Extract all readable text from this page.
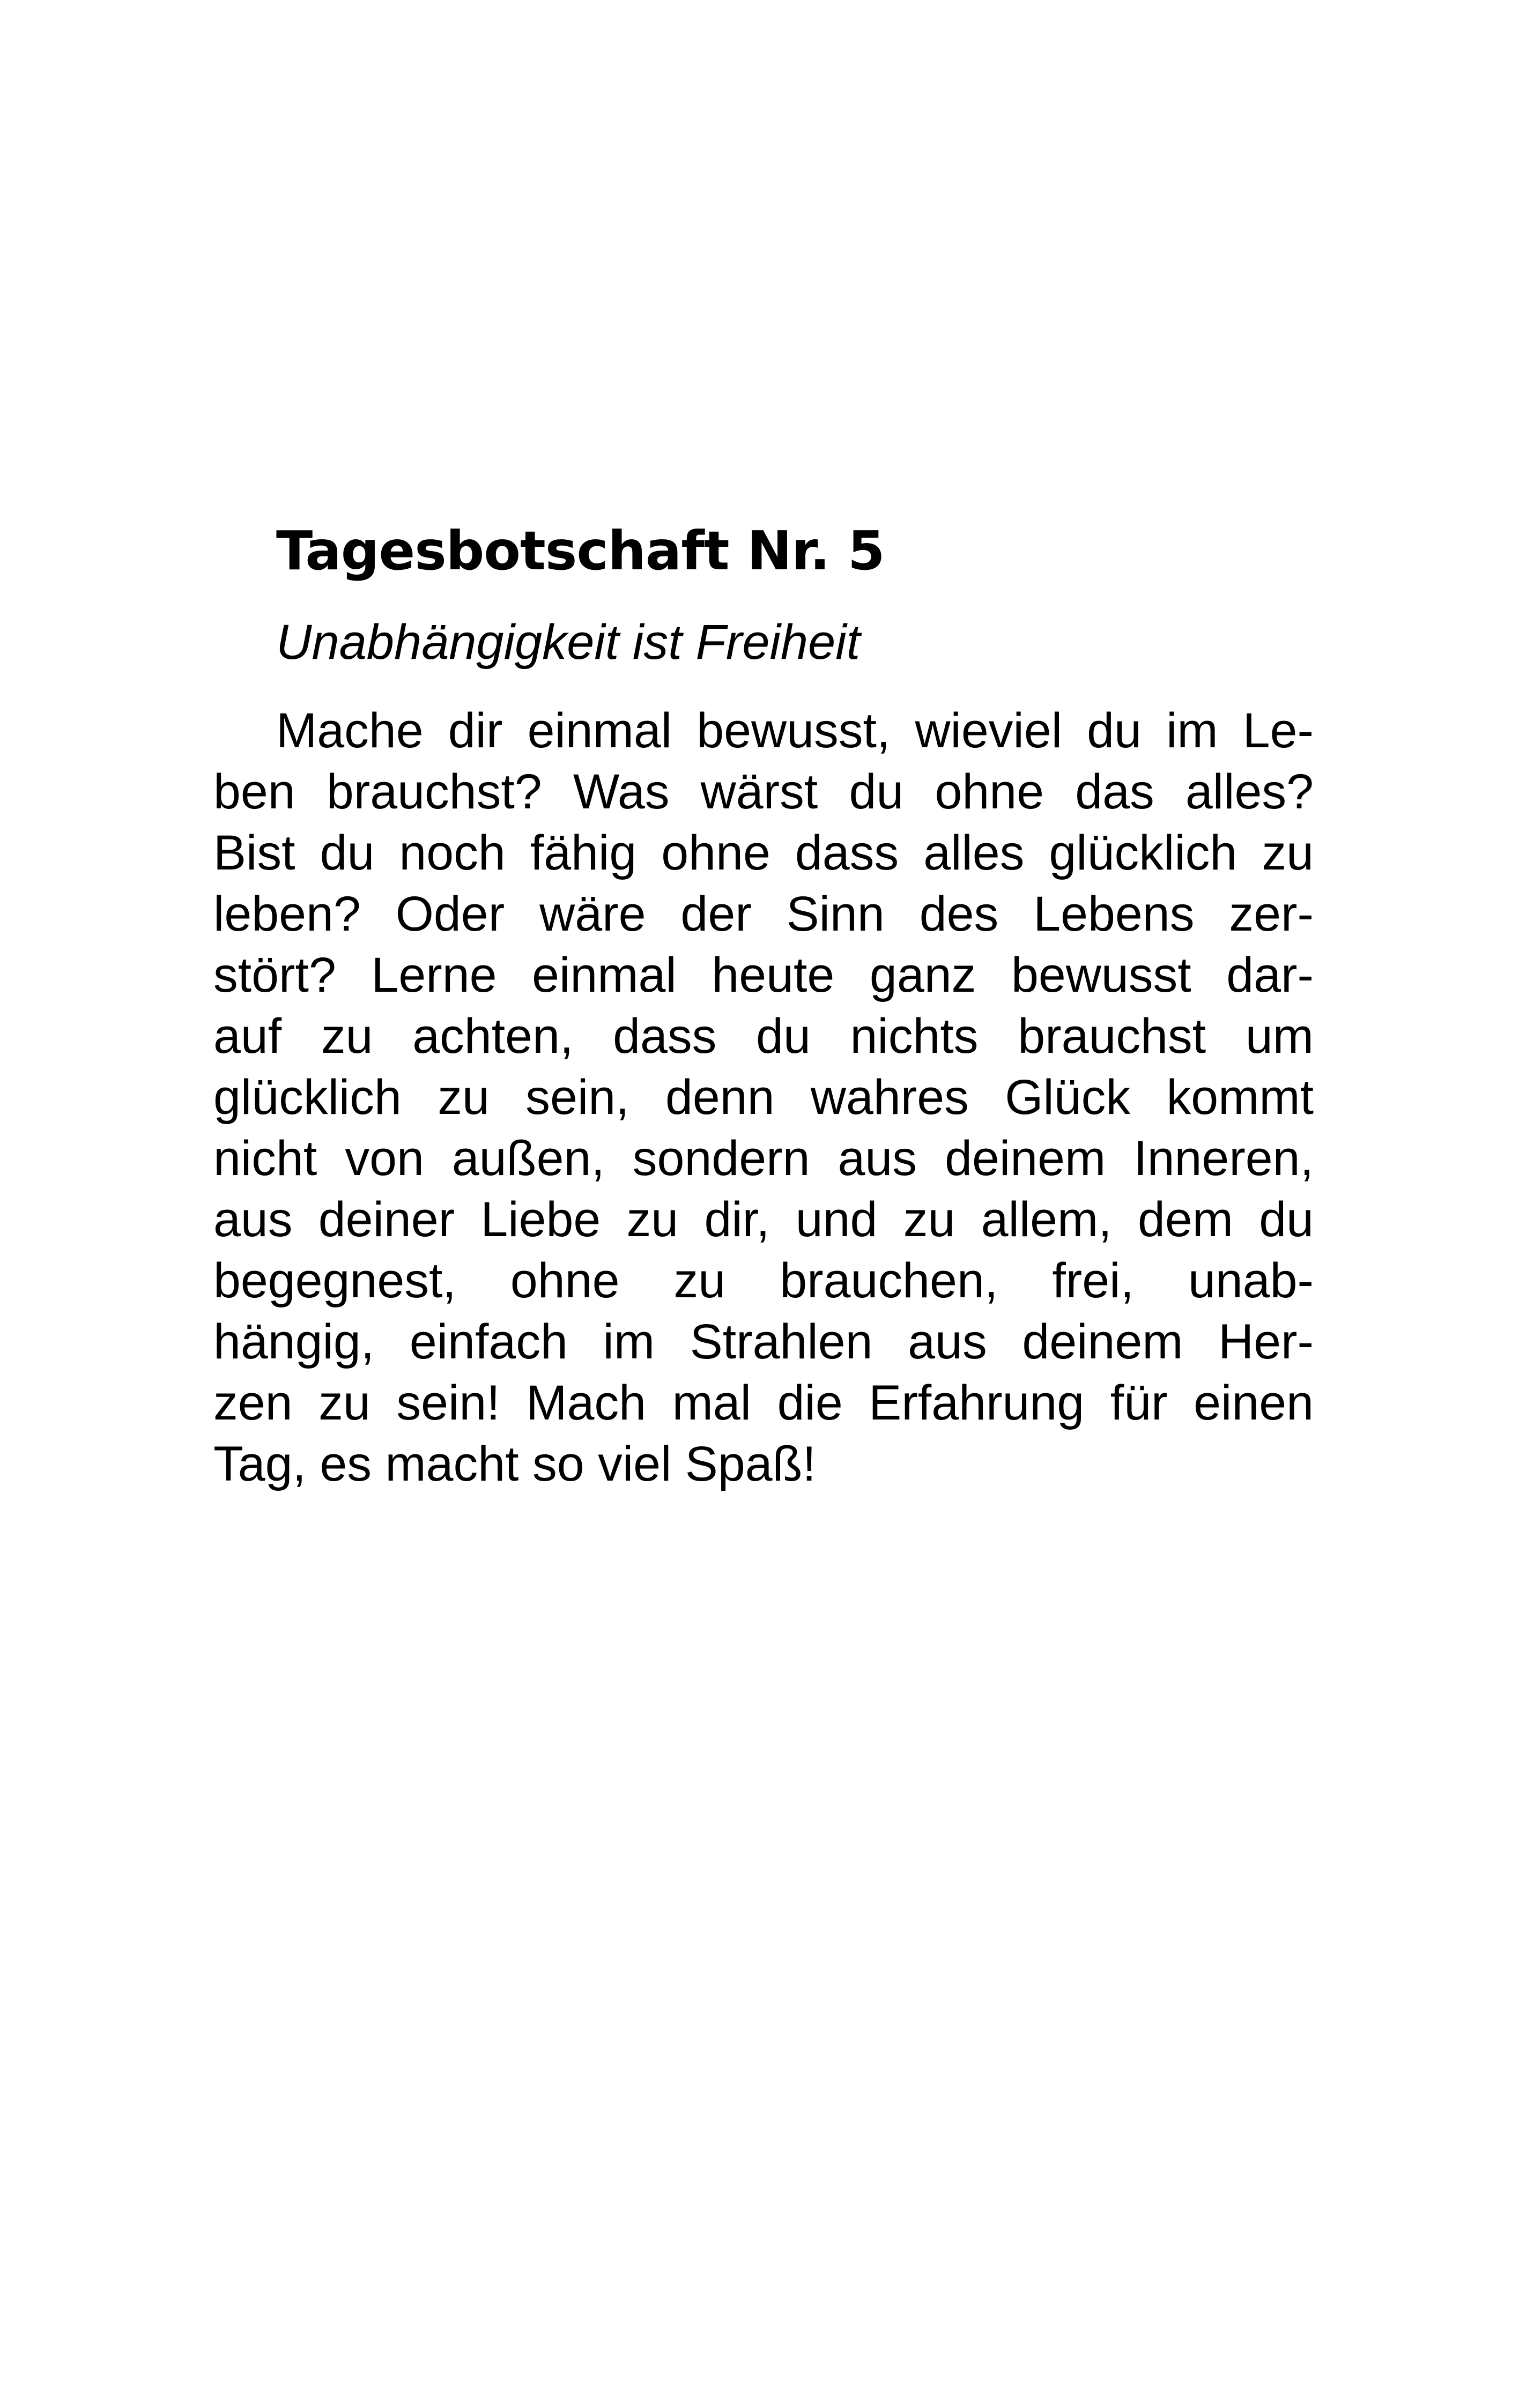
Tagesbotschaft Nr. 5
Unabhängigkeit ist Freiheit
Mache dir einmal bewusst, wieviel du im Le-
ben brauchst? Was wärst du ohne das alles?
Bist du noch fähig ohne dass alles glücklich zu
leben? Oder wäre der Sinn des Lebens zer-
stört? Lerne einmal heute ganz bewusst dar-
auf zu achten, dass du nichts brauchst um
glücklich zu sein, denn wahres Glück kommt
nicht von außen, sondern aus deinem Inneren,
aus deiner Liebe zu dir, und zu allem, dem du
begegnest, ohne zu brauchen, frei, unab-
hängig, einfach im Strahlen aus deinem Her-
zen zu sein! Mach mal die Erfahrung für einen
Tag, es macht so viel Spaß!
